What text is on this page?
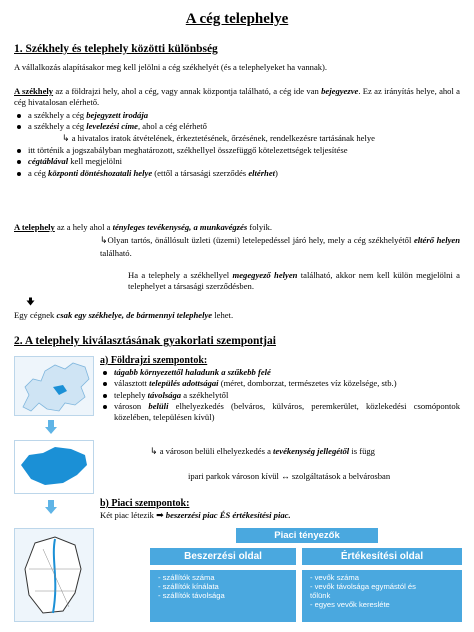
A cég telephelye
1. Székhely és telephely közötti különbség
A vállalkozás alapításakor meg kell jelölni a cég székhelyét (és a telephelyeket ha vannak).
A székhely az a földrajzi hely, ahol a cég, vagy annak központja található, a cég ide van bejegyezve. Ez az irányítás helye, ahol a cég hivatalosan elérhető.
a székhely a cég bejegyzett irodája
a székhely a cég levelezési címe, ahol a cég elérhető
↳ a hivatalos iratok átvételének, érkeztetésének, őrzésének, rendelkezésre tartásának helye
itt történik a jogszabályban meghatározott, székhellyel összefüggő kötelezettségek teljesítése
cégtáblával kell megjelölni
a cég központi döntéshozatali helye (ettől a társasági szerződés eltérhet)
A telephely az a hely ahol a tényleges tevékenység, a munkavégzés folyik.
↳Olyan tartós, önállósult üzleti (üzemi) letelepedéssel járó hely, mely a cég székhelyétől eltérő helyen található.
Ha a telephely a székhellyel megegyező helyen található, akkor nem kell külön megjelölni a telephelyet a társasági szerződésben.
Egy cégnek csak egy székhelye, de bármennyi telephelye lehet.
2. A telephely kiválasztásának gyakorlati szempontjai
a) Földrajzi szempontok:
tágabb környezettől haladunk a szűkebb felé
választott település adottságai (méret, domborzat, természetes víz közelsége, stb.)
telephely távolsága a székhelytől
városon belüli elhelyezkedés (belváros, külváros, peremkerület, közlekedési csomópontok közelében, településen kívül)
↳ a városon belüli elhelyezkedés a tevékenység jellegétől is függ
ipari parkok városon kívül ↔ szolgáltatások a belvárosban
b) Piaci szempontok:
Két piac létezik ➡ beszerzési piac ÉS értékesítési piac.
Piaci tényezők
Beszerzési oldal	Értékesítési oldal
- szállítók száma
- szállítók kínálata
- szállítók távolsága
- vevők száma
- vevők távolsága egymástól és tőlünk
- egyes vevők keresléte
